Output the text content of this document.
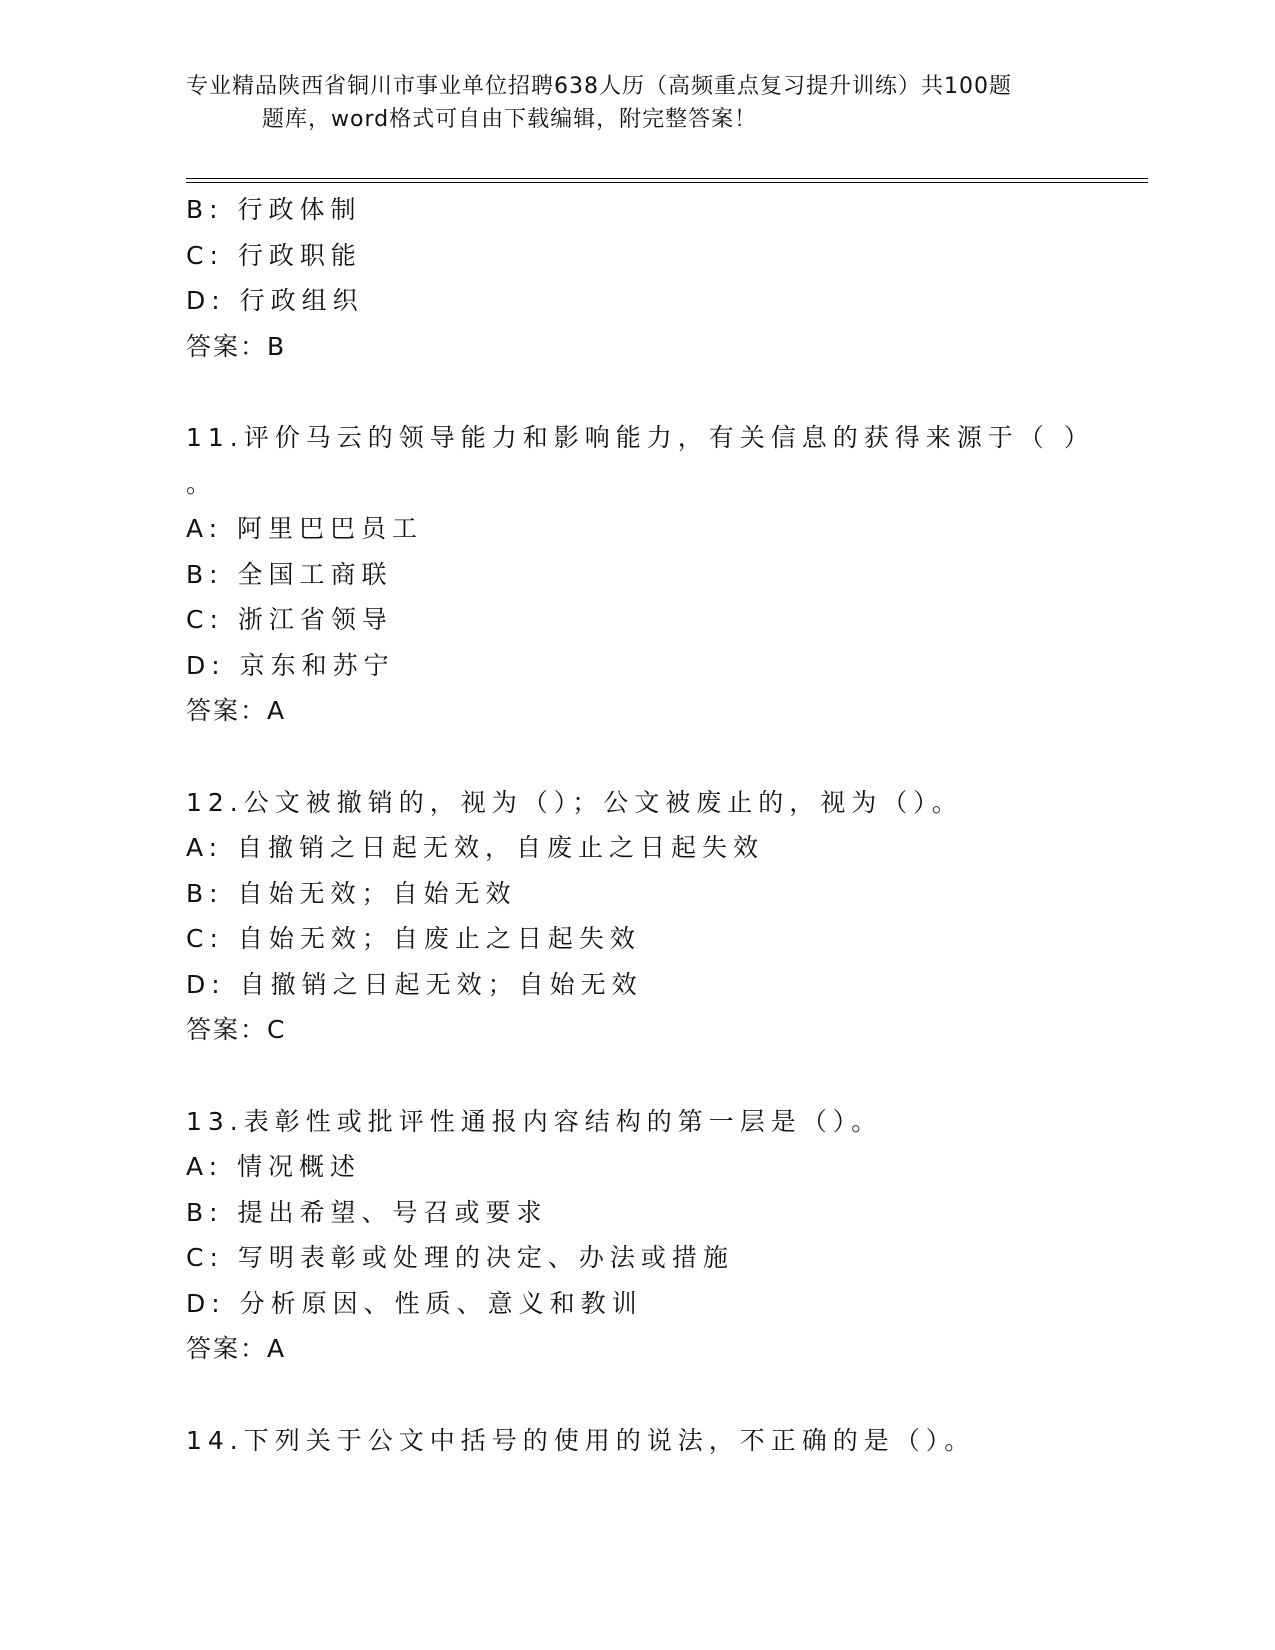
专业精品陕西省铜川市事业单位招聘638人历（高频重点复习提升训练）共100题
题库，word格式可自由下载编辑，附完整答案！
B: 行政体制
C: 行政职能
D: 行政组织
答案：B
11.评价马云的领导能力和影响能力，有关信息的获得来源于（ ）
。
A: 阿里巴巴员工
B: 全国工商联
C: 浙江省领导
D: 京东和苏宁
答案：A
12.公文被撤销的，视为（）；公文被废止的，视为（）。
A: 自撤销之日起无效，自废止之日起失效
B: 自始无效；自始无效
C: 自始无效；自废止之日起失效
D: 自撤销之日起无效；自始无效
答案：C
13.表彰性或批评性通报内容结构的第一层是（）。
A: 情况概述
B: 提出希望、号召或要求
C: 写明表彰或处理的决定、办法或措施
D: 分析原因、性质、意义和教训
答案：A
14.下列关于公文中括号的使用的说法，不正确的是（）。
